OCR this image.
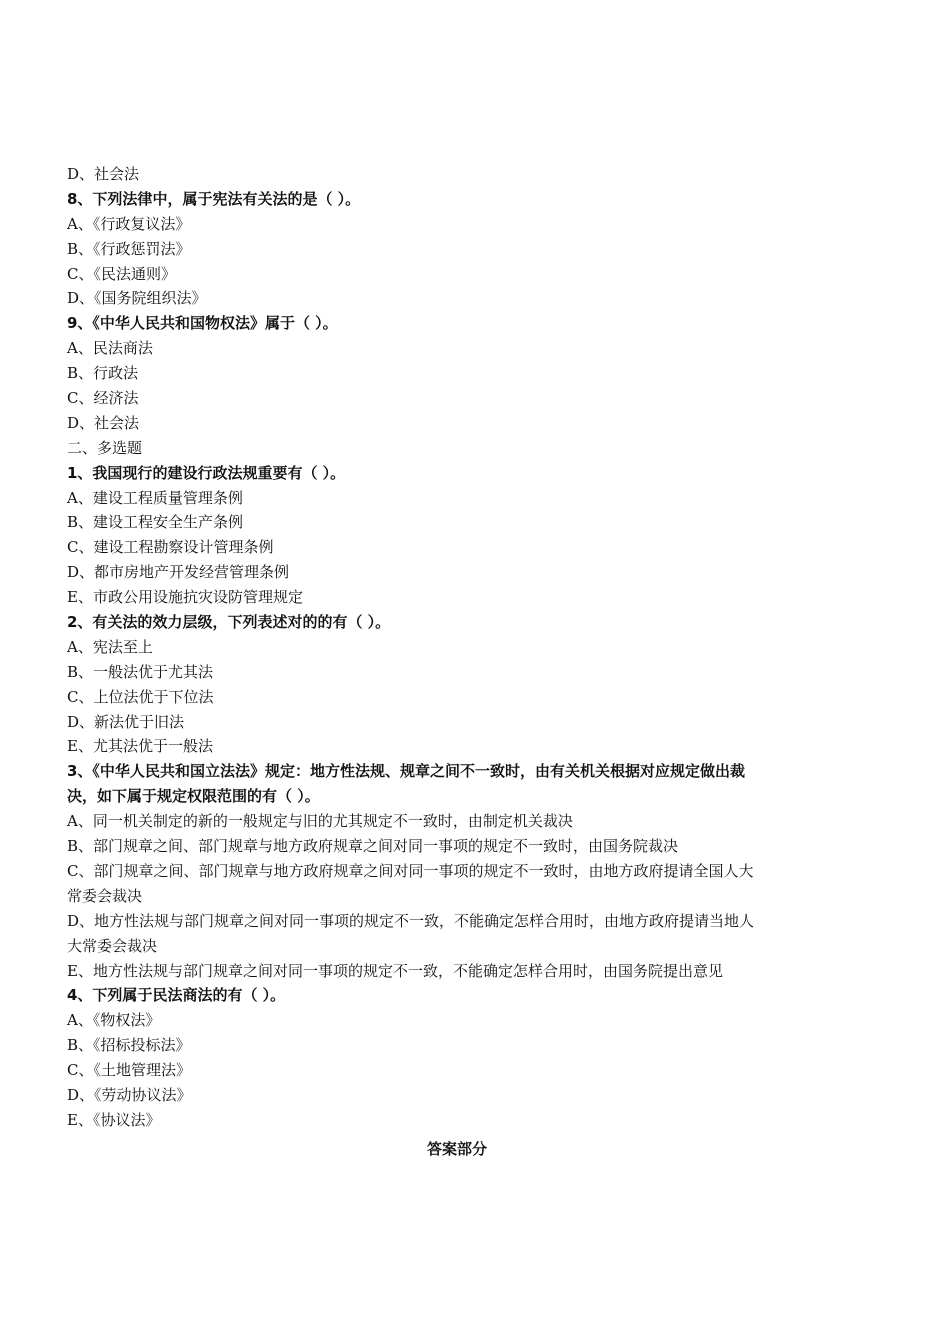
D、社会法
8、下列法律中，属于宪法有关法的是（ ）。
A、《行政复议法》
B、《行政惩罚法》
C、《民法通则》
D、《国务院组织法》
9、《中华人民共和国物权法》属于（ ）。
A、民法商法
B、行政法
C、经济法
D、社会法
二、多选题
1、我国现行的建设行政法规重要有（ ）。
A、建设工程质量管理条例
B、建设工程安全生产条例
C、建设工程勘察设计管理条例
D、都市房地产开发经营管理条例
E、市政公用设施抗灾设防管理规定
2、有关法的效力层级，下列表述对的的有（ ）。
A、宪法至上
B、一般法优于尤其法
C、上位法优于下位法
D、新法优于旧法
E、尤其法优于一般法
3、《中华人民共和国立法法》规定：地方性法规、规章之间不一致时，由有关机关根据对应规定做出裁
决，如下属于规定权限范围的有（ ）。
A、同一机关制定的新的一般规定与旧的尤其规定不一致时，由制定机关裁决
B、部门规章之间、部门规章与地方政府规章之间对同一事项的规定不一致时，由国务院裁决
C、部门规章之间、部门规章与地方政府规章之间对同一事项的规定不一致时，由地方政府提请全国人大
常委会裁决
D、地方性法规与部门规章之间对同一事项的规定不一致，不能确定怎样合用时，由地方政府提请当地人
大常委会裁决
E、地方性法规与部门规章之间对同一事项的规定不一致，不能确定怎样合用时，由国务院提出意见
4、下列属于民法商法的有（ ）。
A、《物权法》
B、《招标投标法》
C、《土地管理法》
D、《劳动协议法》
E、《协议法》
答案部分
